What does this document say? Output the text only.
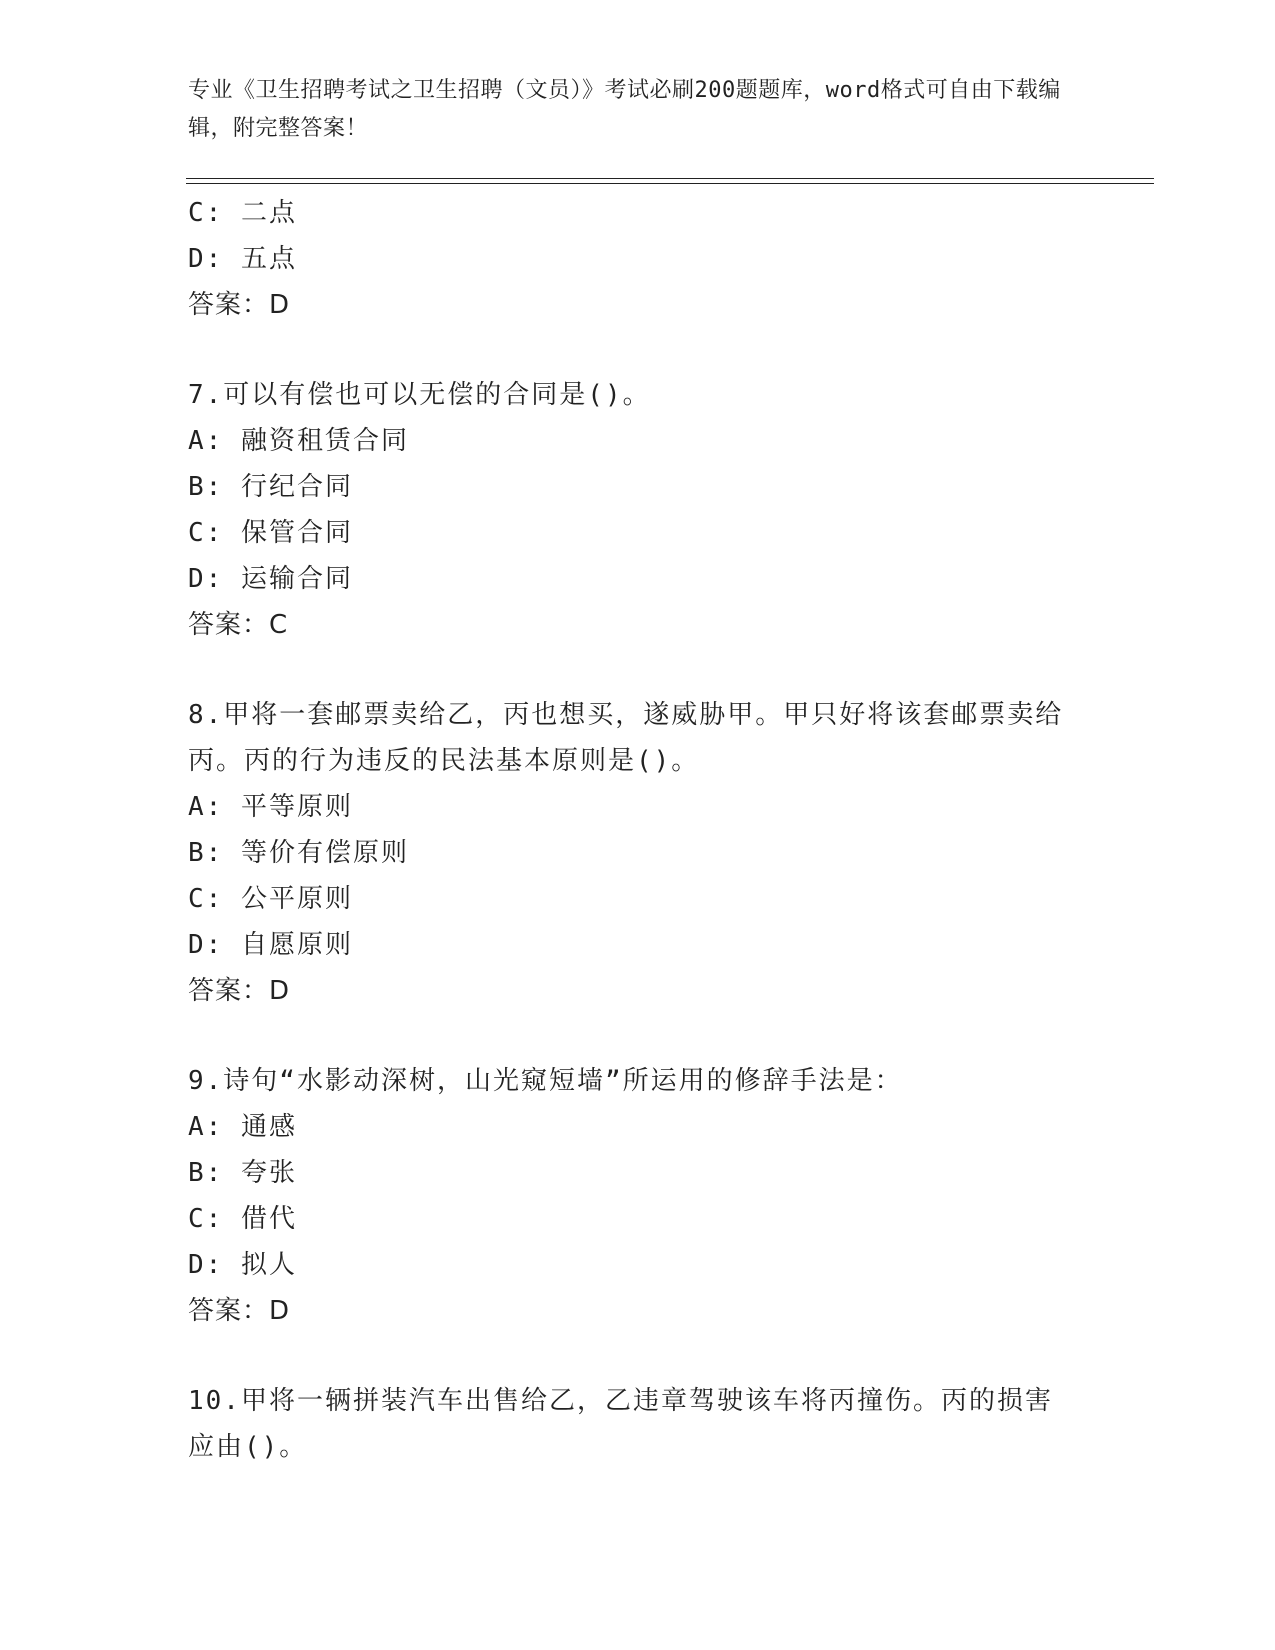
专业《卫生招聘考试之卫生招聘（文员）》考试必刷200题题库，word格式可自由下载编辑，附完整答案！
C: 二点
D: 五点
答案：D
7.可以有偿也可以无偿的合同是()。
A: 融资租赁合同
B: 行纪合同
C: 保管合同
D: 运输合同
答案：C
8.甲将一套邮票卖给乙，丙也想买，遂威胁甲。甲只好将该套邮票卖给丙。丙的行为违反的民法基本原则是()。
A: 平等原则
B: 等价有偿原则
C: 公平原则
D: 自愿原则
答案：D
9.诗句“水影动深树，山光窥短墙”所运用的修辞手法是：
A: 通感
B: 夸张
C: 借代
D: 拟人
答案：D
10.甲将一辆拼装汽车出售给乙，乙违章驾驶该车将丙撞伤。丙的损害应由()。
